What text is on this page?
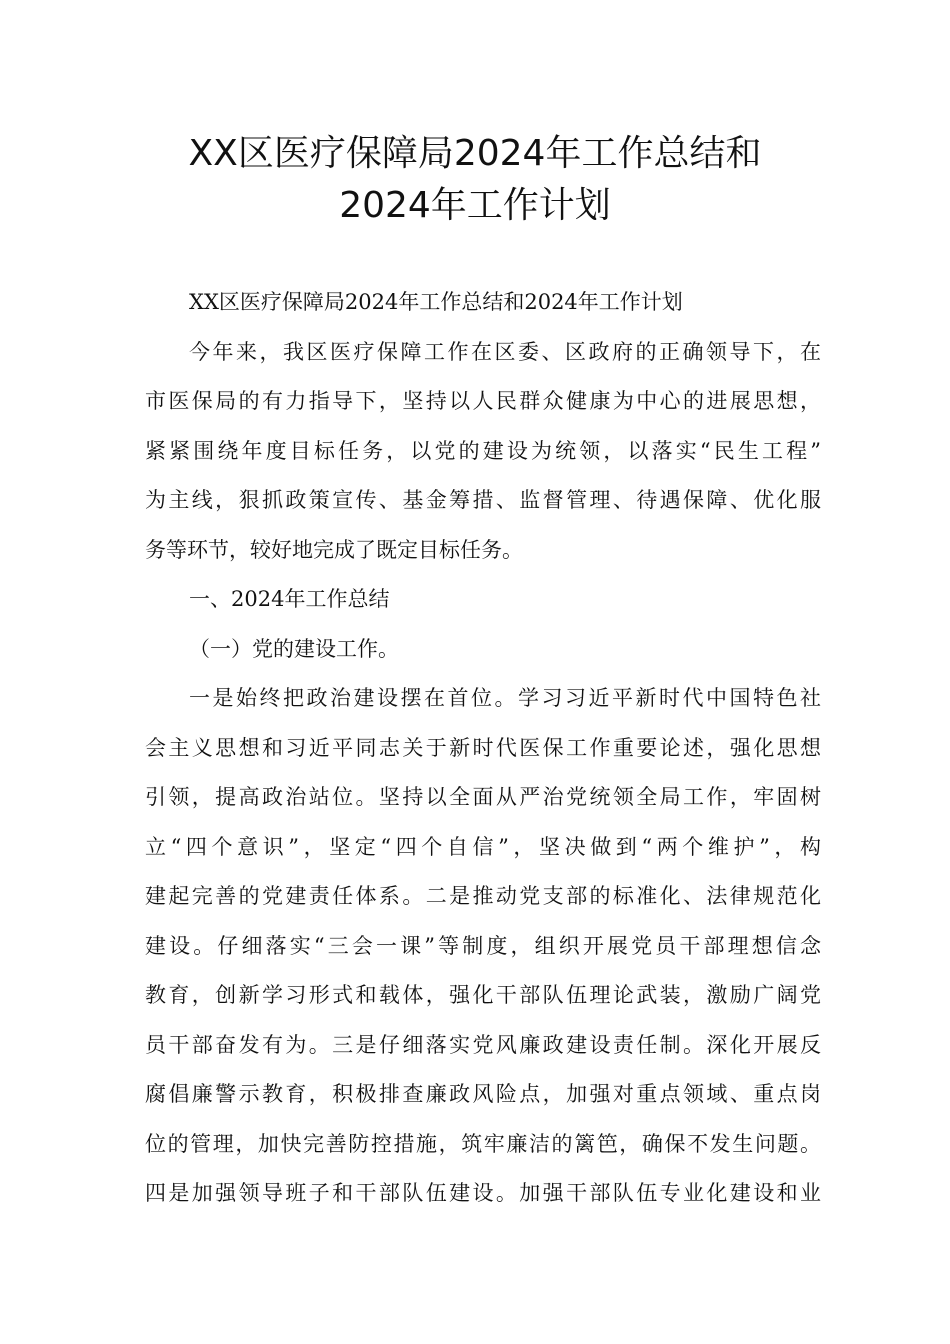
XX区医疗保障局2024年工作总结和
2024年工作计划
XX区医疗保障局2024年工作总结和2024年工作计划
今年来，我区医疗保障工作在区委、区政府的正确领导下，在
市医保局的有力指导下，坚持以人民群众健康为中心的进展思想，
紧紧围绕年度目标任务，以党的建设为统领，以落实“民生工程”
为主线，狠抓政策宣传、基金筹措、监督管理、待遇保障、优化服
务等环节，较好地完成了既定目标任务。
一、2024年工作总结
（一）党的建设工作。
一是始终把政治建设摆在首位。学习习近平新时代中国特色社
会主义思想和习近平同志关于新时代医保工作重要论述，强化思想
引领，提高政治站位。坚持以全面从严治党统领全局工作，牢固树
立“四个意识”，坚定“四个自信”，坚决做到“两个维护”，构
建起完善的党建责任体系。二是推动党支部的标准化、法律规范化
建设。仔细落实“三会一课”等制度，组织开展党员干部理想信念
教育，创新学习形式和载体，强化干部队伍理论武装，激励广阔党
员干部奋发有为。三是仔细落实党风廉政建设责任制。深化开展反
腐倡廉警示教育，积极排查廉政风险点，加强对重点领域、重点岗
位的管理，加快完善防控措施，筑牢廉洁的篱笆，确保不发生问题。
四是加强领导班子和干部队伍建设。加强干部队伍专业化建设和业
